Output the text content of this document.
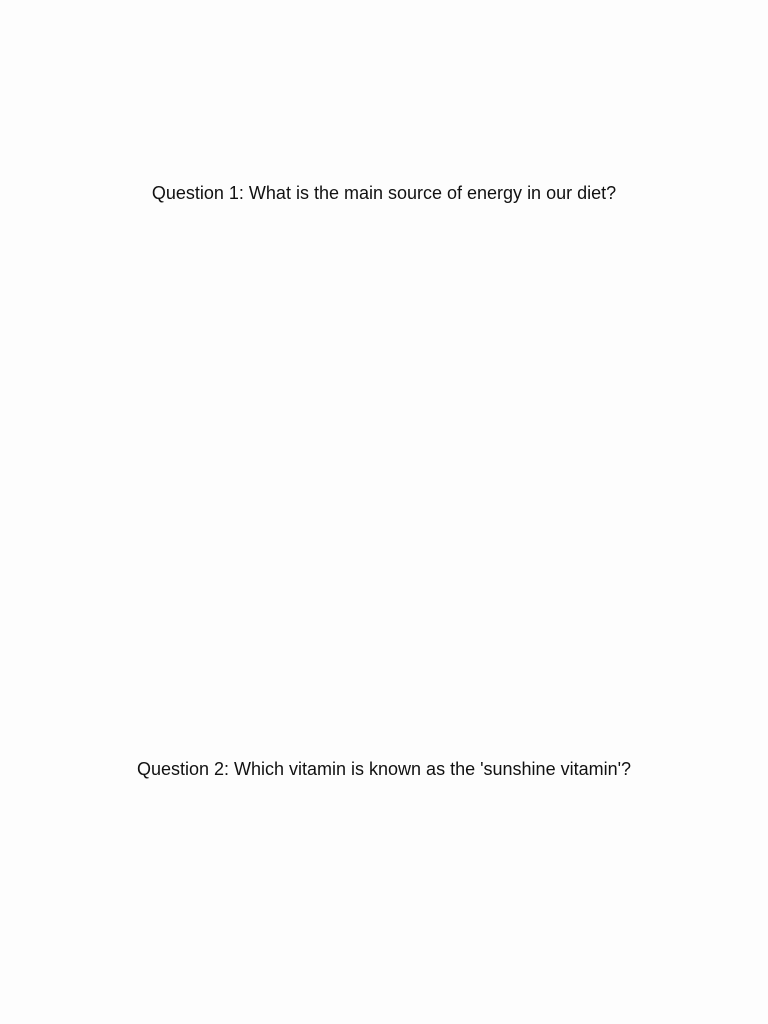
Question 1: What is the main source of energy in our diet?
Question 2: Which vitamin is known as the 'sunshine vitamin'?
